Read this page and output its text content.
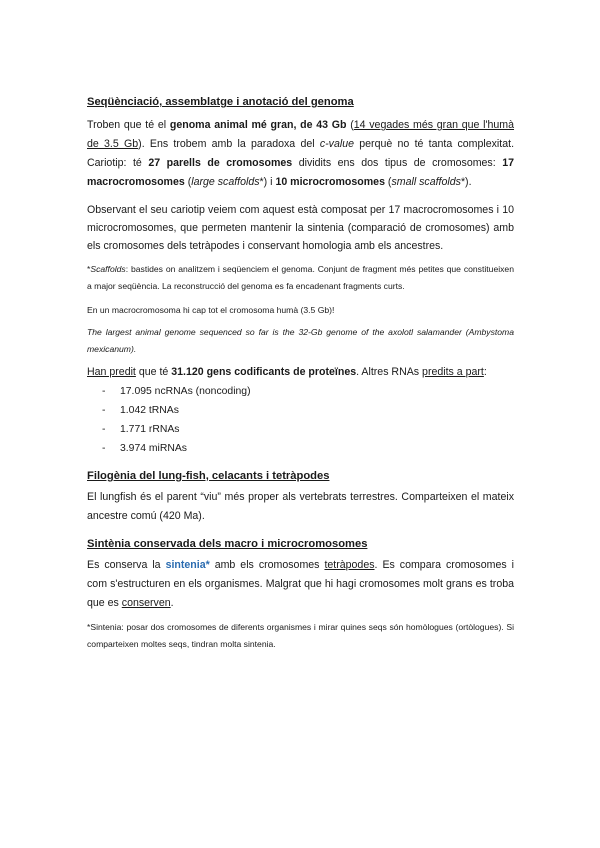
Seqüènciació, assemblatge i anotació del genoma

Troben que té el genoma animal mé gran, de 43 Gb (14 vegades més gran que l'humà de 3.5 Gb). Ens trobem amb la paradoxa del c-value perquè no té tanta complexitat. Cariotip: té 27 parells de cromosomes dividits ens dos tipus de cromosomes: 17 macrocromosomes (large scaffolds*) i 10 microcromosomes (small scaffolds*).

Observant el seu cariotip veiem com aquest està composat per 17 macrocromosomes i 10 microcromosomes, que permeten mantenir la sintenia (comparació de cromosomes) amb els cromosomes dels tetràpodes i conservant homologia amb els ancestres.

*Scaffolds: bastides on analitzem i seqüenciem el genoma. Conjunt de fragment més petites que constitueixen a major seqüència. La reconstrucció del genoma es fa encadenant fragments curts.

En un macrocromosoma hi cap tot el cromosoma humà (3.5 Gb)!

The largest animal genome sequenced so far is the 32-Gb genome of the axolotl salamander (Ambystoma mexicanum).

Han predit que té 31.120 gens codificants de proteïnes. Altres RNAs predits a part:

- 17.095 ncRNAs (noncoding)
- 1.042 tRNAs
- 1.771 rRNAs
- 3.974 miRNAs
Filogènia del lung-fish, celacants i tetràpodes

El lungfish és el parent “viu” més proper als vertebrats terrestres. Comparteixen el mateix ancestre comú (420 Ma).

Sintènia conservada dels macro i microcromosomes

Es conserva la sintenia* amb els cromosomes tetràpodes. Es compara cromosomes i com s'estructuren en els organismes. Malgrat que hi hagi cromosomes molt grans es troba que es conserven.

*Sintenia: posar dos cromosomes de diferents organismes i mirar quines seqs són homòlogues (ortòlogues). Si comparteixen moltes seqs, tindran molta sintenia.
